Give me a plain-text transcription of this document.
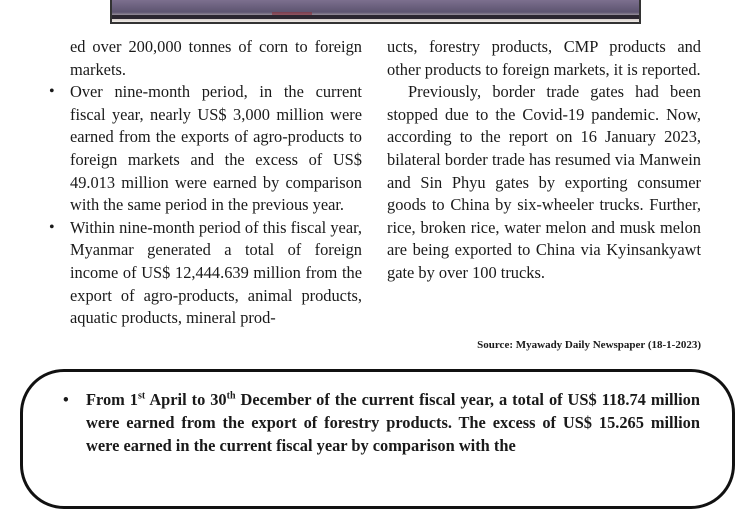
ed over 200,000 tonnes of corn to foreign markets.

• Over nine-month period, in the current fiscal year, nearly US$ 3,000 million were earned from the exports of agro-products to foreign markets and the excess of US$ 49.013 million were earned by comparison with the same period in the previous year.

• Within nine-month period of this fiscal year, Myanmar generated a total of foreign income of US$ 12,444.639 million from the export of agro-products, animal products, aquatic products, mineral prod-

ucts, forestry products, CMP products and other products to foreign markets, it is reported.

Previously, border trade gates had been stopped due to the Covid-19 pandemic. Now, according to the report on 16 January 2023, bilateral border trade has resumed via Manwein and Sin Phyu gates by exporting consumer goods to China by six-wheeler trucks. Further, rice, broken rice, water melon and musk melon are being exported to China via Kyinsankyawt gate by over 100 trucks.

Source: Myawady Daily Newspaper (18-1-2023)
• From 1st April to 30th December of the current fiscal year, a total of US$ 118.74 million were earned from the export of forestry products. The excess of US$ 15.265 million were earned in the current fiscal year by comparison with the
